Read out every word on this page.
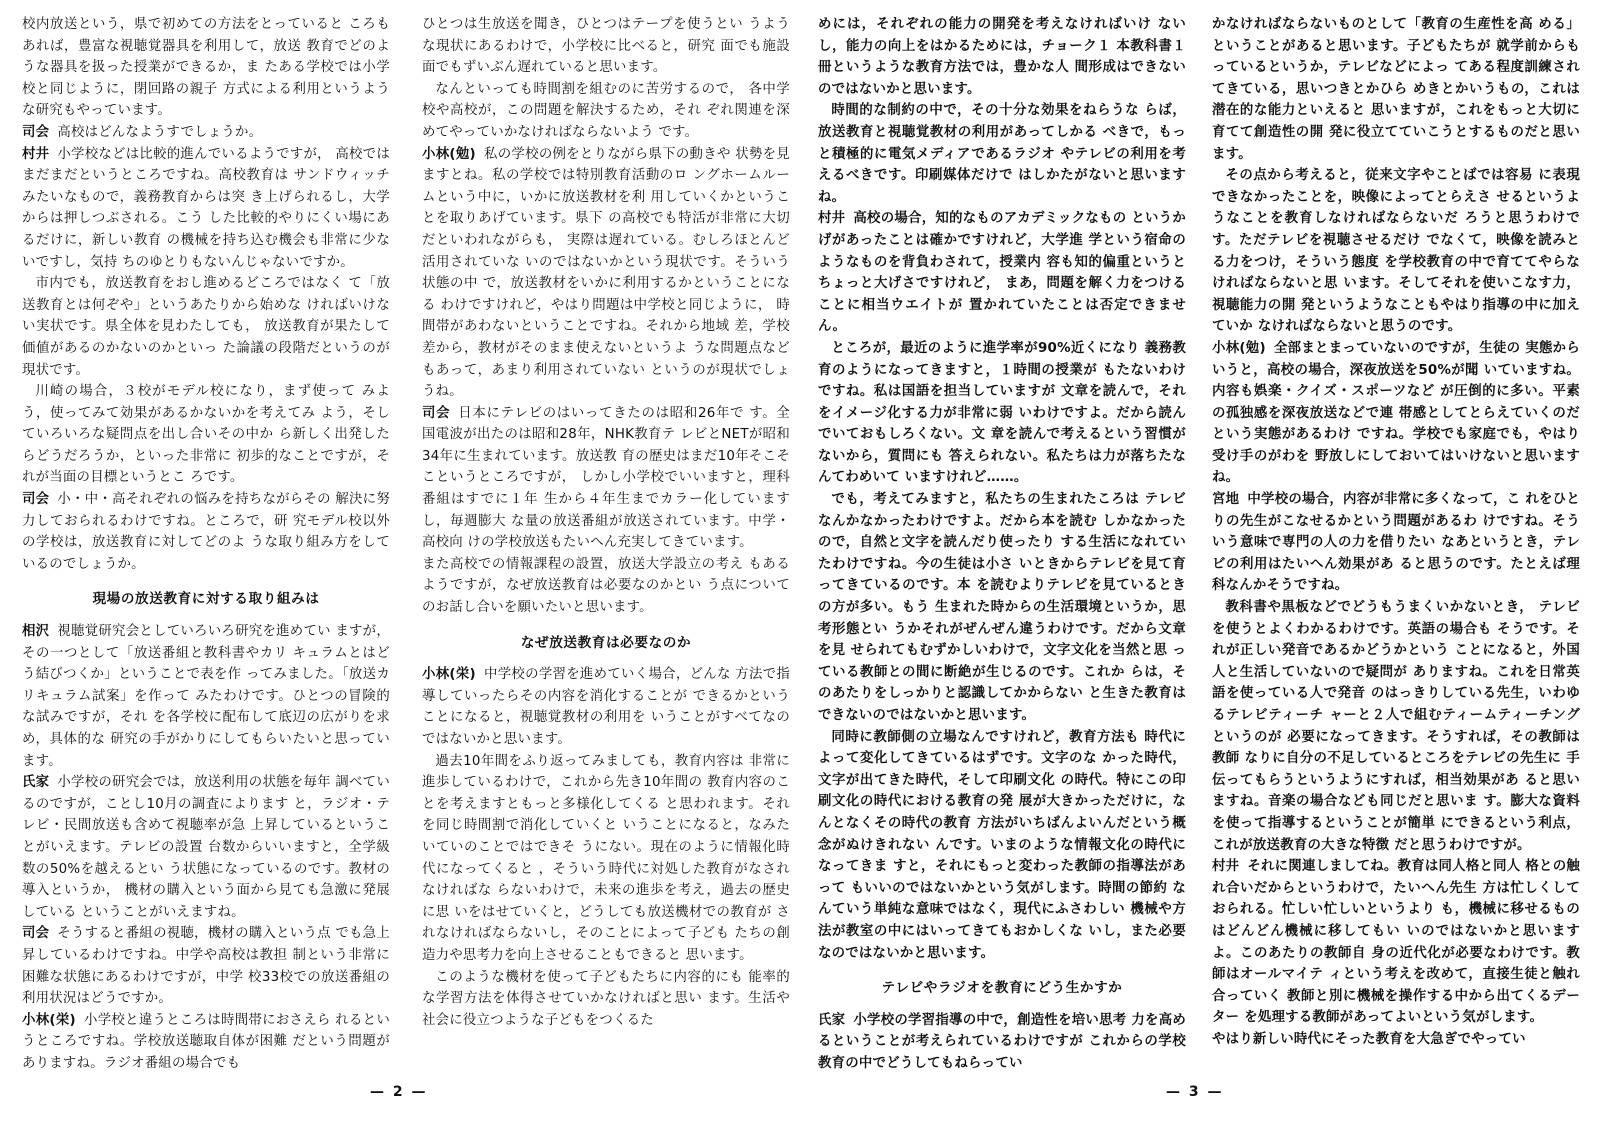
校内放送という，県で初めての方法をとっていると ころもあれば，豊富な視聴覚器具を利用して，放送 教育でどのような器具を扱った授業ができるか，ま たある学校では小学校と同じように，閉回路の親子 方式による利用というような研究もやっています。

司会 高校はどんなようすでしょうか。

村井 小学校などは比較的進んでいるようですが， 高校ではまだまだというところですね。高校教育は サンドウィッチみたいなもので，義務教育からは突 き上げられるし，大学からは押しつぶされる。こう した比較的やりにくい場にあるだけに，新しい教育 の機械を持ち込む機会も非常に少ないですし，気持 ちのゆとりもないんじゃないですか。

市内でも，放送教育をおし進めるどころではなく て「放送教育とは何ぞや」というあたりから始めな ければいけない実状です。県全体を見わたしても， 放送教育が果たして価値があるのかないのかといっ た論議の段階だというのが現状です。

川崎の場合，３校がモデル校になり，まず使って みよう，使ってみて効果があるかないかを考えてみ よう，そしていろいろな疑問点を出し合いその中か ら新しく出発したらどうだろうか，といった非常に 初歩的なことですが，それが当面の目標というとこ ろです。

司会 小・中・高それぞれの悩みを持ちながらその 解決に努力しておられるわけですね。ところで，研 究モデル校以外の学校は，放送教育に対してどのよ うな取り組み方をしているのでしょうか。

現場の放送教育に対する取り組みは

相沢 視聴覚研究会としていろいろ研究を進めてい ますが，その一つとして「放送番組と教科書やカリ キュラムとはどう結びつくか」ということで表を作 ってみました。「放送カリキュラム試案」を作って みたわけです。ひとつの冒険的な試みですが，それ を各学校に配布して底辺の広がりを求め，具体的な 研究の手がかりにしてもらいたいと思っています。

氏家 小学校の研究会では，放送利用の状態を毎年 調べているのですが，ことし10月の調査によります と，ラジオ・テレビ・民間放送も含めて視聴率が急 上昇しているということがいえます。テレビの設置 台数からいいますと，全学級数の50%を越えるとい う状態になっているのです。教材の導入というか， 機材の購入という面から見ても急激に発展している ということがいえますね。

司会 そうすると番組の視聴，機材の購入という点 でも急上昇しているわけですね。中学や高校は教担 制という非常に困難な状態にあるわけですが，中学 校33校での放送番組の利用状況はどうですか。

小林(栄) 小学校と違うところは時間帯におさえら れるというところですね。学校放送聴取自体が困難 だという問題がありますね。ラジオ番組の場合でも

ひとつは生放送を聞き，ひとつはテープを使うとい うような現状にあるわけで，小学校に比べると，研究 面でも施設面でもずいぶん遅れていると思います。

なんといっても時間割を組むのに苦労するので， 各中学校や高校が，この問題を解決するため，それ ぞれ関連を深めてやっていかなければならないよう です。

小林(勉) 私の学校の例をとりながら県下の動きや 状勢を見ますとね。私の学校では特別教育活動のロ ングホームルームという中に，いかに放送教材を利 用していくかということを取りあげています。県下 の高校でも特活が非常に大切だといわれながらも， 実際は遅れている。むしろほとんど活用されていな いのではないかという現状です。そういう状態の中 で，放送教材をいかに利用するかということになる わけですけれど，やはり問題は中学校と同じように， 時間帯があわないということですね。それから地域 差，学校差から，教材がそのまま使えないというよ うな問題点などもあって，あまり利用されていない というのが現状でしょうね。

司会 日本にテレビのはいってきたのは昭和26年で す。全国電波が出たのは昭和28年，NHK教育テ レビとNETが昭和34年に生まれています。放送教 育の歴史はまだ10年そこそこというところですが， しかし小学校でいいますと，理科番組はすでに１年 生から４年生までカラー化していますし，毎週膨大 な量の放送番組が放送されています。中学・高校向 けの学校放送もたいへん充実してきています。

また高校での情報課程の設置，放送大学設立の考え もあるようですが，なぜ放送教育は必要なのかとい う点についてのお話し合いを願いたいと思います。

なぜ放送教育は必要なのか

小林(栄) 中学校の学習を進めていく場合，どんな 方法で指導していったらその内容を消化することが できるかということになると，視聴覚教材の利用を いうことがすべてなのではないかと思います。

過去10年間をふり返ってみましても，教育内容は 非常に進歩しているわけで，これから先き10年間の 教育内容のことを考えますともっと多様化してくる と思われます。それを同じ時間割で消化していくと いうことになると，なみたいていのことではできそ うにない。現在のように情報化時代になってくると ，そういう時代に対処した教育がなされなければな らないわけで，未来の進歩を考え，過去の歴史に思 いをはせていくと，どうしても放送機材での教育が されなければならないし，そのことによって子ども たちの創造力や思考力を向上させることもできると 思います。

このような機材を使って子どもたちに内容的にも 能率的な学習方法を体得させていかなければと思い ます。生活や社会に役立つような子どもをつくるた

— 2 —

めには，それぞれの能力の開発を考えなければいけ ないし，能力の向上をはかるためには，チョーク１ 本教科書１冊というような教育方法では，豊かな人 間形成はできないのではないかと思います。

時間的な制約の中で，その十分な効果をねらうな らば，放送教育と視聴覚教材の利用があってしかる べきで，もっと積極的に電気メディアであるラジオ やテレビの利用を考えるべきです。印刷媒体だけで はしかたがないと思いますね。

村井 高校の場合，知的なものアカデミックなもの というかげがあったことは確かですけれど，大学進 学という宿命のようなものを背負わされて，授業内 容も知的偏重というとちょっと大げさですけれど， まあ，問題を解く力をつけることに相当ウエイトが 置かれていたことは否定できません。

ところが，最近のように進学率が90%近くになり 義務教育のようになってきますと，１時間の授業が もたないわけですね。私は国語を担当していますが 文章を読んで，それをイメージ化する力が非常に弱 いわけですよ。だから読んでいておもしろくない。文 章を読んで考えるという習慣がないから，質問にも 答えられない。私たちは力が落ちたなんてわめいて いますけれど……。

でも，考えてみますと，私たちの生まれたころは テレビなんかなかったわけですよ。だから本を読む しかなかったので，自然と文字を読んだり使ったり する生活になれていたわけですね。今の生徒は小さ いときからテレビを見て育ってきているのです。本 を読むよりテレビを見ているときの方が多い。もう 生まれた時からの生活環境というか，思考形態とい うかそれがぜんぜん違うわけです。だから文章を見 せられてもむずかしいわけで，文字文化を当然と思 っている教師との間に断絶が生じるのです。これか らは，そのあたりをしっかりと認識してかからない と生きた教育はできないのではないかと思います。

同時に教師側の立場なんですけれど，教育方法も 時代によって変化してきているはずです。文字のな かった時代，文字が出てきた時代，そして印刷文化 の時代。特にこの印刷文化の時代における教育の発 展が大きかっただけに，なんとなくその時代の教育 方法がいちばんよいんだという概念がぬけきれない んです。いまのような情報文化の時代になってきま すと，それにもっと変わった教師の指導法があって もいいのではないかという気がします。時間の節約 なんていう単純な意味ではなく，現代にふさわしい 機械や方法が教室の中にはいってきてもおかしくな いし，また必要なのではないかと思います。

テレビやラジオを教育にどう生かすか

氏家 小学校の学習指導の中で，創造性を培い思考 力を高めるということが考えられているわけですが これからの学校教育の中でどうしてもねらってい

かなければならないものとして「教育の生産性を高 める」ということがあると思います。子どもたちが 就学前からもっているというか，テレビなどによっ てある程度訓練されてきている，思いつきとかひら めきとかいうもの，これは潜在的な能力といえると 思いますが，これをもっと大切に育てて創造性の開 発に役立てていこうとするものだと思います。

その点から考えると，従来文字やことばでは容易 に表現できなかったことを，映像によってとらえさ せるというようなことを教育しなければならないだ ろうと思うわけです。ただテレビを視聴させるだけ でなくて，映像を読みとる力をつけ，そういう態度 を学校教育の中で育ててやらなければならないと思 います。そしてそれを使いこなす力，視聴能力の開 発というようなこともやはり指導の中に加えていか なければならないと思うのです。

小林(勉) 全部まとまっていないのですが，生徒の 実態からいうと，高校の場合，深夜放送を50%が聞 いていますね。内容も娯楽・クイズ・スポーツなど が圧倒的に多い。平素の孤独感を深夜放送などで連 帯感としてとらえていくのだという実態があるわけ ですね。学校でも家庭でも，やはり受け手のがわを 野放しにしておいてはいけないと思いますね。

宮地 中学校の場合，内容が非常に多くなって，こ れをひとりの先生がこなせるかという問題があるわ けですね。そういう意味で専門の人の力を借りたい なあというとき，テレビの利用はたいへん効果があ ると思うのです。たとえば理科なんかそうですね。

教科書や黒板などでどうもうまくいかないとき， テレビを使うとよくわかるわけです。英語の場合も そうです。それが正しい発音であるかどうかという ことになると，外国人と生活していないので疑問が ありますね。これを日常英語を使っている人で発音 のはっきりしている先生，いわゆるテレビティーチ ャーと２人で組むティームティーチングというのが 必要になってきます。そうすれば，その教師は教師 なりに自分の不足しているところをテレビの先生に 手伝ってもらうというようにすれば，相当効果があ ると思いますね。音楽の場合なども同じだと思いま す。膨大な資料を使って指導するということが簡単 にできるという利点，これが放送教育の大きな特徴 だと思うわけですが。

村井 それに関連しましてね。教育は同人格と同人 格との触れ合いだからというわけで，たいへん先生 方は忙しくしておられる。忙しい忙しいというより も，機械に移せるものはどんどん機械に移してもい いのではないかと思いますよ。このあたりの教師自 身の近代化が必要なわけです。教師はオールマイテ ィという考えを改めて，直接生徒と触れ合っていく 教師と別に機械を操作する中から出てくるデーター を処理する教師があってよいという気がします。

やはり新しい時代にそった教育を大急ぎでやってい

— 3 —
